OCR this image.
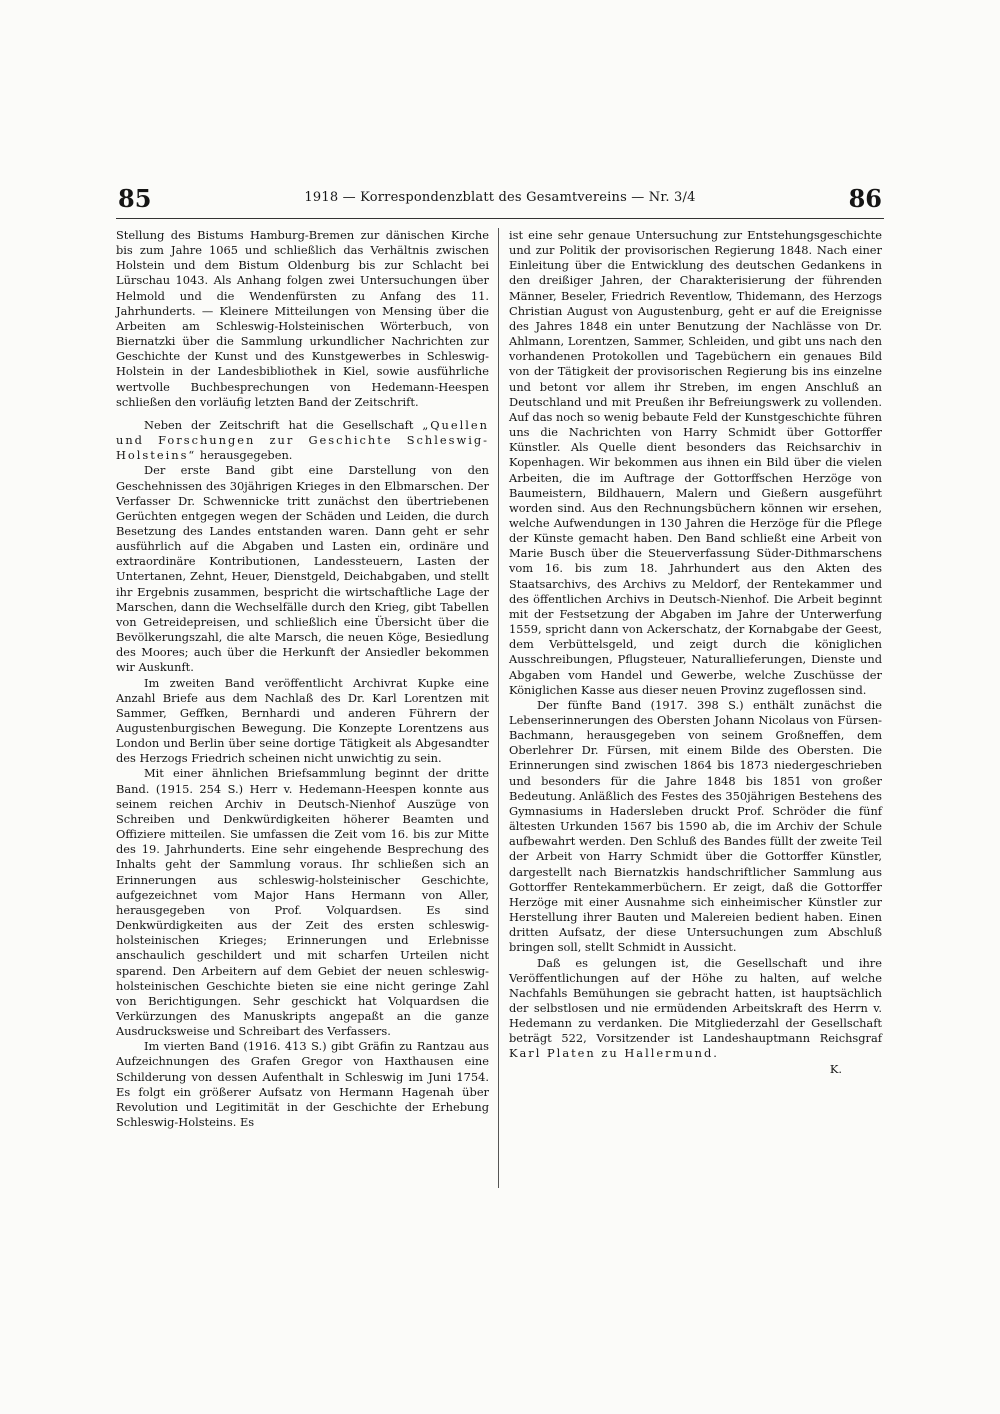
85	1918 — Korrespondenzblatt des Gesamtvereins — Nr. 3/4	86

Stellung des Bistums Hamburg-Bremen zur dänischen Kirche bis zum Jahre 1065 und schließlich das Verhältnis zwischen Holstein und dem Bistum Oldenburg bis zur Schlacht bei Lürschau 1043. Als Anhang folgen zwei Untersuchungen über Helmold und die Wendenfürsten zu Anfang des 11. Jahrhunderts. — Kleinere Mitteilungen von Mensing über die Arbeiten am Schleswig-Holsteinischen Wörterbuch, von Biernatzki über die Sammlung urkundlicher Nachrichten zur Geschichte der Kunst und des Kunstgewerbes in Schleswig-Holstein in der Landesbibliothek in Kiel, sowie ausführliche wertvolle Buchbesprechungen von Hedemann-Heespen schließen den vorläufig letzten Band der Zeitschrift.

Neben der Zeitschrift hat die Gesellschaft „Quellen und Forschungen zur Geschichte Schleswig-Holsteins“ herausgegeben.

Der erste Band gibt eine Darstellung von den Geschehnissen des 30jährigen Krieges in den Elbmarschen. Der Verfasser Dr. Schwennicke tritt zunächst den übertriebenen Gerüchten entgegen wegen der Schäden und Leiden, die durch Besetzung des Landes entstanden waren. Dann geht er sehr ausführlich auf die Abgaben und Lasten ein, ordinäre und extraordinäre Kontributionen, Landessteuern, Lasten der Untertanen, Zehnt, Heuer, Dienstgeld, Deichabgaben, und stellt ihr Ergebnis zusammen, bespricht die wirtschaftliche Lage der Marschen, dann die Wechselfälle durch den Krieg, gibt Tabellen von Getreidepreisen, und schließlich eine Übersicht über die Bevölkerungszahl, die alte Marsch, die neuen Köge, Besiedlung des Moores; auch über die Herkunft der Ansiedler bekommen wir Auskunft.

Im zweiten Band veröffentlicht Archivrat Kupke eine Anzahl Briefe aus dem Nachlaß des Dr. Karl Lorentzen mit Sammer, Geffken, Bernhardi und anderen Führern der Augustenburgischen Bewegung. Die Konzepte Lorentzens aus London und Berlin über seine dortige Tätigkeit als Abgesandter des Herzogs Friedrich scheinen nicht unwichtig zu sein.

Mit einer ähnlichen Briefsammlung beginnt der dritte Band. (1915. 254 S.) Herr v. Hedemann-Heespen konnte aus seinem reichen Archiv in Deutsch-Nienhof Auszüge von Schreiben und Denkwürdigkeiten höherer Beamten und Offiziere mitteilen. Sie umfassen die Zeit vom 16. bis zur Mitte des 19. Jahrhunderts. Eine sehr eingehende Besprechung des Inhalts geht der Sammlung voraus. Ihr schließen sich an Erinnerungen aus schleswig-holsteinischer Geschichte, aufgezeichnet vom Major Hans Hermann von Aller, herausgegeben von Prof. Volquardsen. Es sind Denkwürdigkeiten aus der Zeit des ersten schleswig-holsteinischen Krieges; Erinnerungen und Erlebnisse anschaulich geschildert und mit scharfen Urteilen nicht sparend. Den Arbeitern auf dem Gebiet der neuen schleswig-holsteinischen Geschichte bieten sie eine nicht geringe Zahl von Berichtigungen. Sehr geschickt hat Volquardsen die Verkürzungen des Manuskripts angepaßt an die ganze Ausdrucksweise und Schreibart des Verfassers.

Im vierten Band (1916. 413 S.) gibt Gräfin zu Rantzau aus Aufzeichnungen des Grafen Gregor von Haxthausen eine Schilderung von dessen Aufenthalt in Schleswig im Juni 1754. Es folgt ein größerer Aufsatz von Hermann Hagenah über Revolution und Legitimität in der Geschichte der Erhebung Schleswig-Holsteins. Es

ist eine sehr genaue Untersuchung zur Entstehungsgeschichte und zur Politik der provisorischen Regierung 1848. Nach einer Einleitung über die Entwicklung des deutschen Gedankens in den dreißiger Jahren, der Charakterisierung der führenden Männer, Beseler, Friedrich Reventlow, Thidemann, des Herzogs Christian August von Augustenburg, geht er auf die Ereignisse des Jahres 1848 ein unter Benutzung der Nachlässe von Dr. Ahlmann, Lorentzen, Sammer, Schleiden, und gibt uns nach den vorhandenen Protokollen und Tagebüchern ein genaues Bild von der Tätigkeit der provisorischen Regierung bis ins einzelne und betont vor allem ihr Streben, im engen Anschluß an Deutschland und mit Preußen ihr Befreiungswerk zu vollenden. Auf das noch so wenig bebaute Feld der Kunstgeschichte führen uns die Nachrichten von Harry Schmidt über Gottorffer Künstler. Als Quelle dient besonders das Reichsarchiv in Kopenhagen. Wir bekommen aus ihnen ein Bild über die vielen Arbeiten, die im Auftrage der Gottorffschen Herzöge von Baumeistern, Bildhauern, Malern und Gießern ausgeführt worden sind. Aus den Rechnungsbüchern können wir ersehen, welche Aufwendungen in 130 Jahren die Herzöge für die Pflege der Künste gemacht haben. Den Band schließt eine Arbeit von Marie Busch über die Steuerverfassung Süder-Dithmarschens vom 16. bis zum 18. Jahrhundert aus den Akten des Staatsarchivs, des Archivs zu Meldorf, der Rentekammer und des öffentlichen Archivs in Deutsch-Nienhof. Die Arbeit beginnt mit der Festsetzung der Abgaben im Jahre der Unterwerfung 1559, spricht dann von Ackerschatz, der Kornabgabe der Geest, dem Verbüttelsgeld, und zeigt durch die königlichen Ausschreibungen, Pflugsteuer, Naturallieferungen, Dienste und Abgaben vom Handel und Gewerbe, welche Zuschüsse der Königlichen Kasse aus dieser neuen Provinz zugeflossen sind.

Der fünfte Band (1917. 398 S.) enthält zunächst die Lebenserinnerungen des Obersten Johann Nicolaus von Fürsen-Bachmann, herausgegeben von seinem Großneffen, dem Oberlehrer Dr. Fürsen, mit einem Bilde des Obersten. Die Erinnerungen sind zwischen 1864 bis 1873 niedergeschrieben und besonders für die Jahre 1848 bis 1851 von großer Bedeutung. Anläßlich des Festes des 350jährigen Bestehens des Gymnasiums in Hadersleben druckt Prof. Schröder die fünf ältesten Urkunden 1567 bis 1590 ab, die im Archiv der Schule aufbewahrt werden. Den Schluß des Bandes füllt der zweite Teil der Arbeit von Harry Schmidt über die Gottorffer Künstler, dargestellt nach Biernatzkis handschriftlicher Sammlung aus Gottorffer Rentekammerbüchern. Er zeigt, daß die Gottorffer Herzöge mit einer Ausnahme sich einheimischer Künstler zur Herstellung ihrer Bauten und Malereien bedient haben. Einen dritten Aufsatz, der diese Untersuchungen zum Abschluß bringen soll, stellt Schmidt in Aussicht.

Daß es gelungen ist, die Gesellschaft und ihre Veröffentlichungen auf der Höhe zu halten, auf welche Nachfahls Bemühungen sie gebracht hatten, ist hauptsächlich der selbstlosen und nie ermüdenden Arbeitskraft des Herrn v. Hedemann zu verdanken. Die Mitgliederzahl der Gesellschaft beträgt 522, Vorsitzender ist Landeshauptmann Reichsgraf Karl Platen zu Hallermund.

K.
